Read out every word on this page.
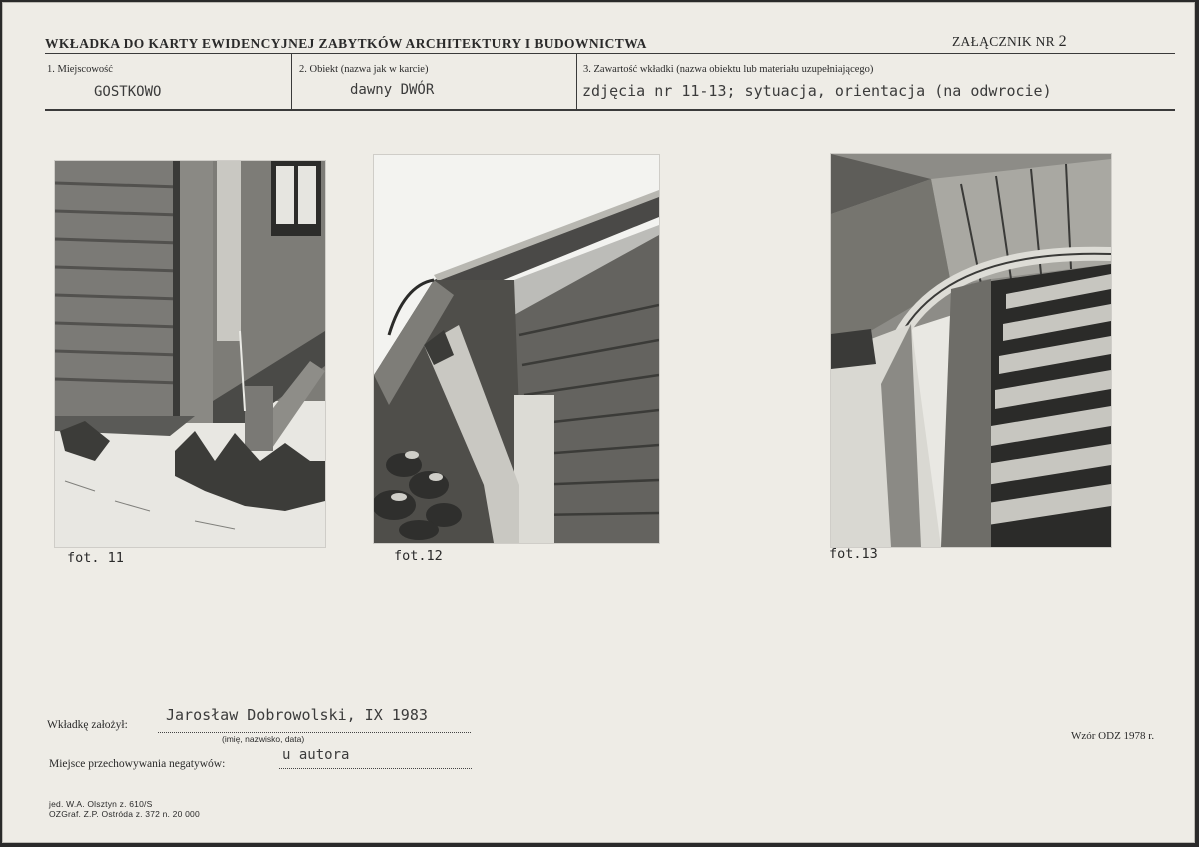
WKŁADKA DO KARTY EWIDENCYJNEJ ZABYTKÓW ARCHITEKTURY I BUDOWNICTWA	ZAŁĄCZNIK NR 2
1. Miejscowość
GOSTKOWO
2. Obiekt (nazwa jak w karcie)
dawny DWÓR
3. Zawartość wkładki (nazwa obiektu lub materiału uzupełniającego)
zdjęcia nr 11-13; sytuacja, orientacja (na odwrocie)
fot. 11	fot.12	fot.13
Wkładkę założył:
Jarosław Dobrowolski, IX 1983
(imię, nazwisko, data)
Miejsce przechowywania negatywów:
u autora
Wzór ODZ 1978 r.
jed. W.A. Olsztyn z. 610/S
OZGraf. Z.P. Ostróda z. 372 n. 20 000
